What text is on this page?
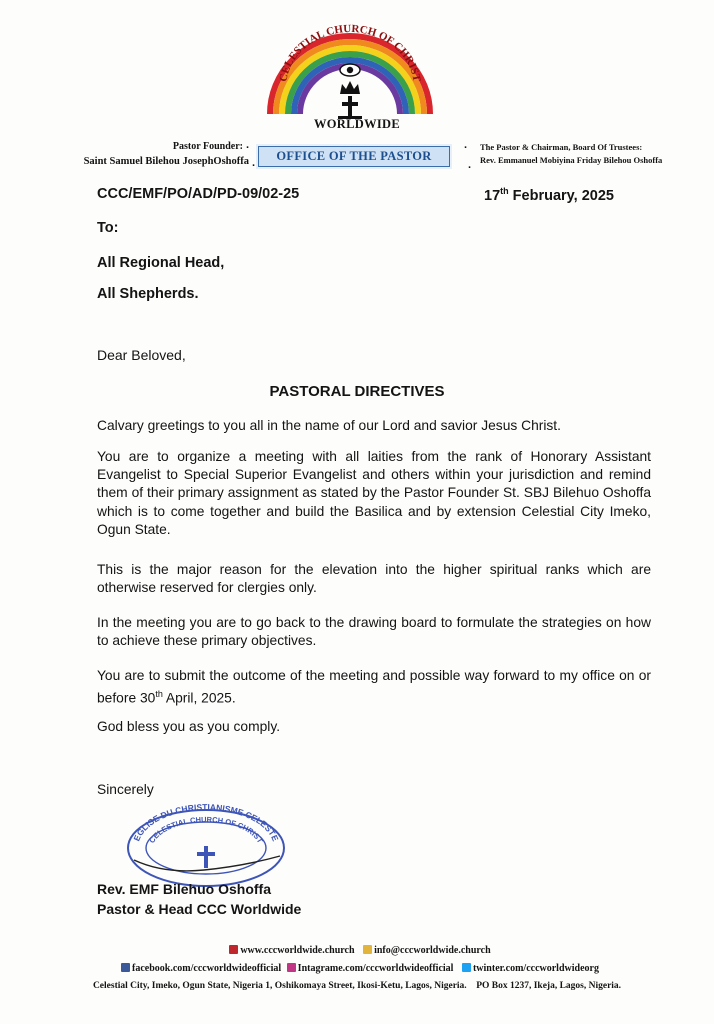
CELESTIAL CHURCH OF CHRIST
WORLDWIDE
Pastor Founder:
Saint Samuel Bilehou JosephOshoffa
·
·
OFFICE OF THE PASTOR
·
·
The Pastor & Chairman, Board Of Trustees:
Rev. Emmanuel Mobiyina Friday Bilehou Oshoffa
CCC/EMF/PO/AD/PD-09/02-25	17th February, 2025
To:
All Regional Head,
All Shepherds.
Dear Beloved,
PASTORAL DIRECTIVES
Calvary greetings to you all in the name of our Lord and savior Jesus Christ.
You are to organize a meeting with all laities from the rank of Honorary Assistant Evangelist to Special Superior Evangelist and others within your jurisdiction and remind them of their primary assignment as stated by the Pastor Founder St. SBJ Bilehuo Oshoffa which is to come together and build the Basilica and by extension Celestial City Imeko, Ogun State.
This is the major reason for the elevation into the higher spiritual ranks which are otherwise reserved for clergies only.
In the meeting you are to go back to the drawing board to formulate the strategies on how to achieve these primary objectives.
You are to submit the outcome of the meeting and possible way forward to my office on or before 30th April, 2025.
God bless you as you comply.
Sincerely
EGLISE DU CHRISTIANISME CELESTE
CELESTIAL CHURCH OF CHRIST
Rev. EMF Bilehuo Oshoffa
Pastor & Head CCC Worldwide
www.cccworldwide.church info@cccworldwide.church
facebook.com/cccworldwideofficial Intagrame.com/cccworldwideofficial twinter.com/cccworldwideorg
Celestial City, Imeko, Ogun State, Nigeria 1, Oshikomaya Street, Ikosi-Ketu, Lagos, Nigeria. PO Box 1237, Ikeja, Lagos, Nigeria.
